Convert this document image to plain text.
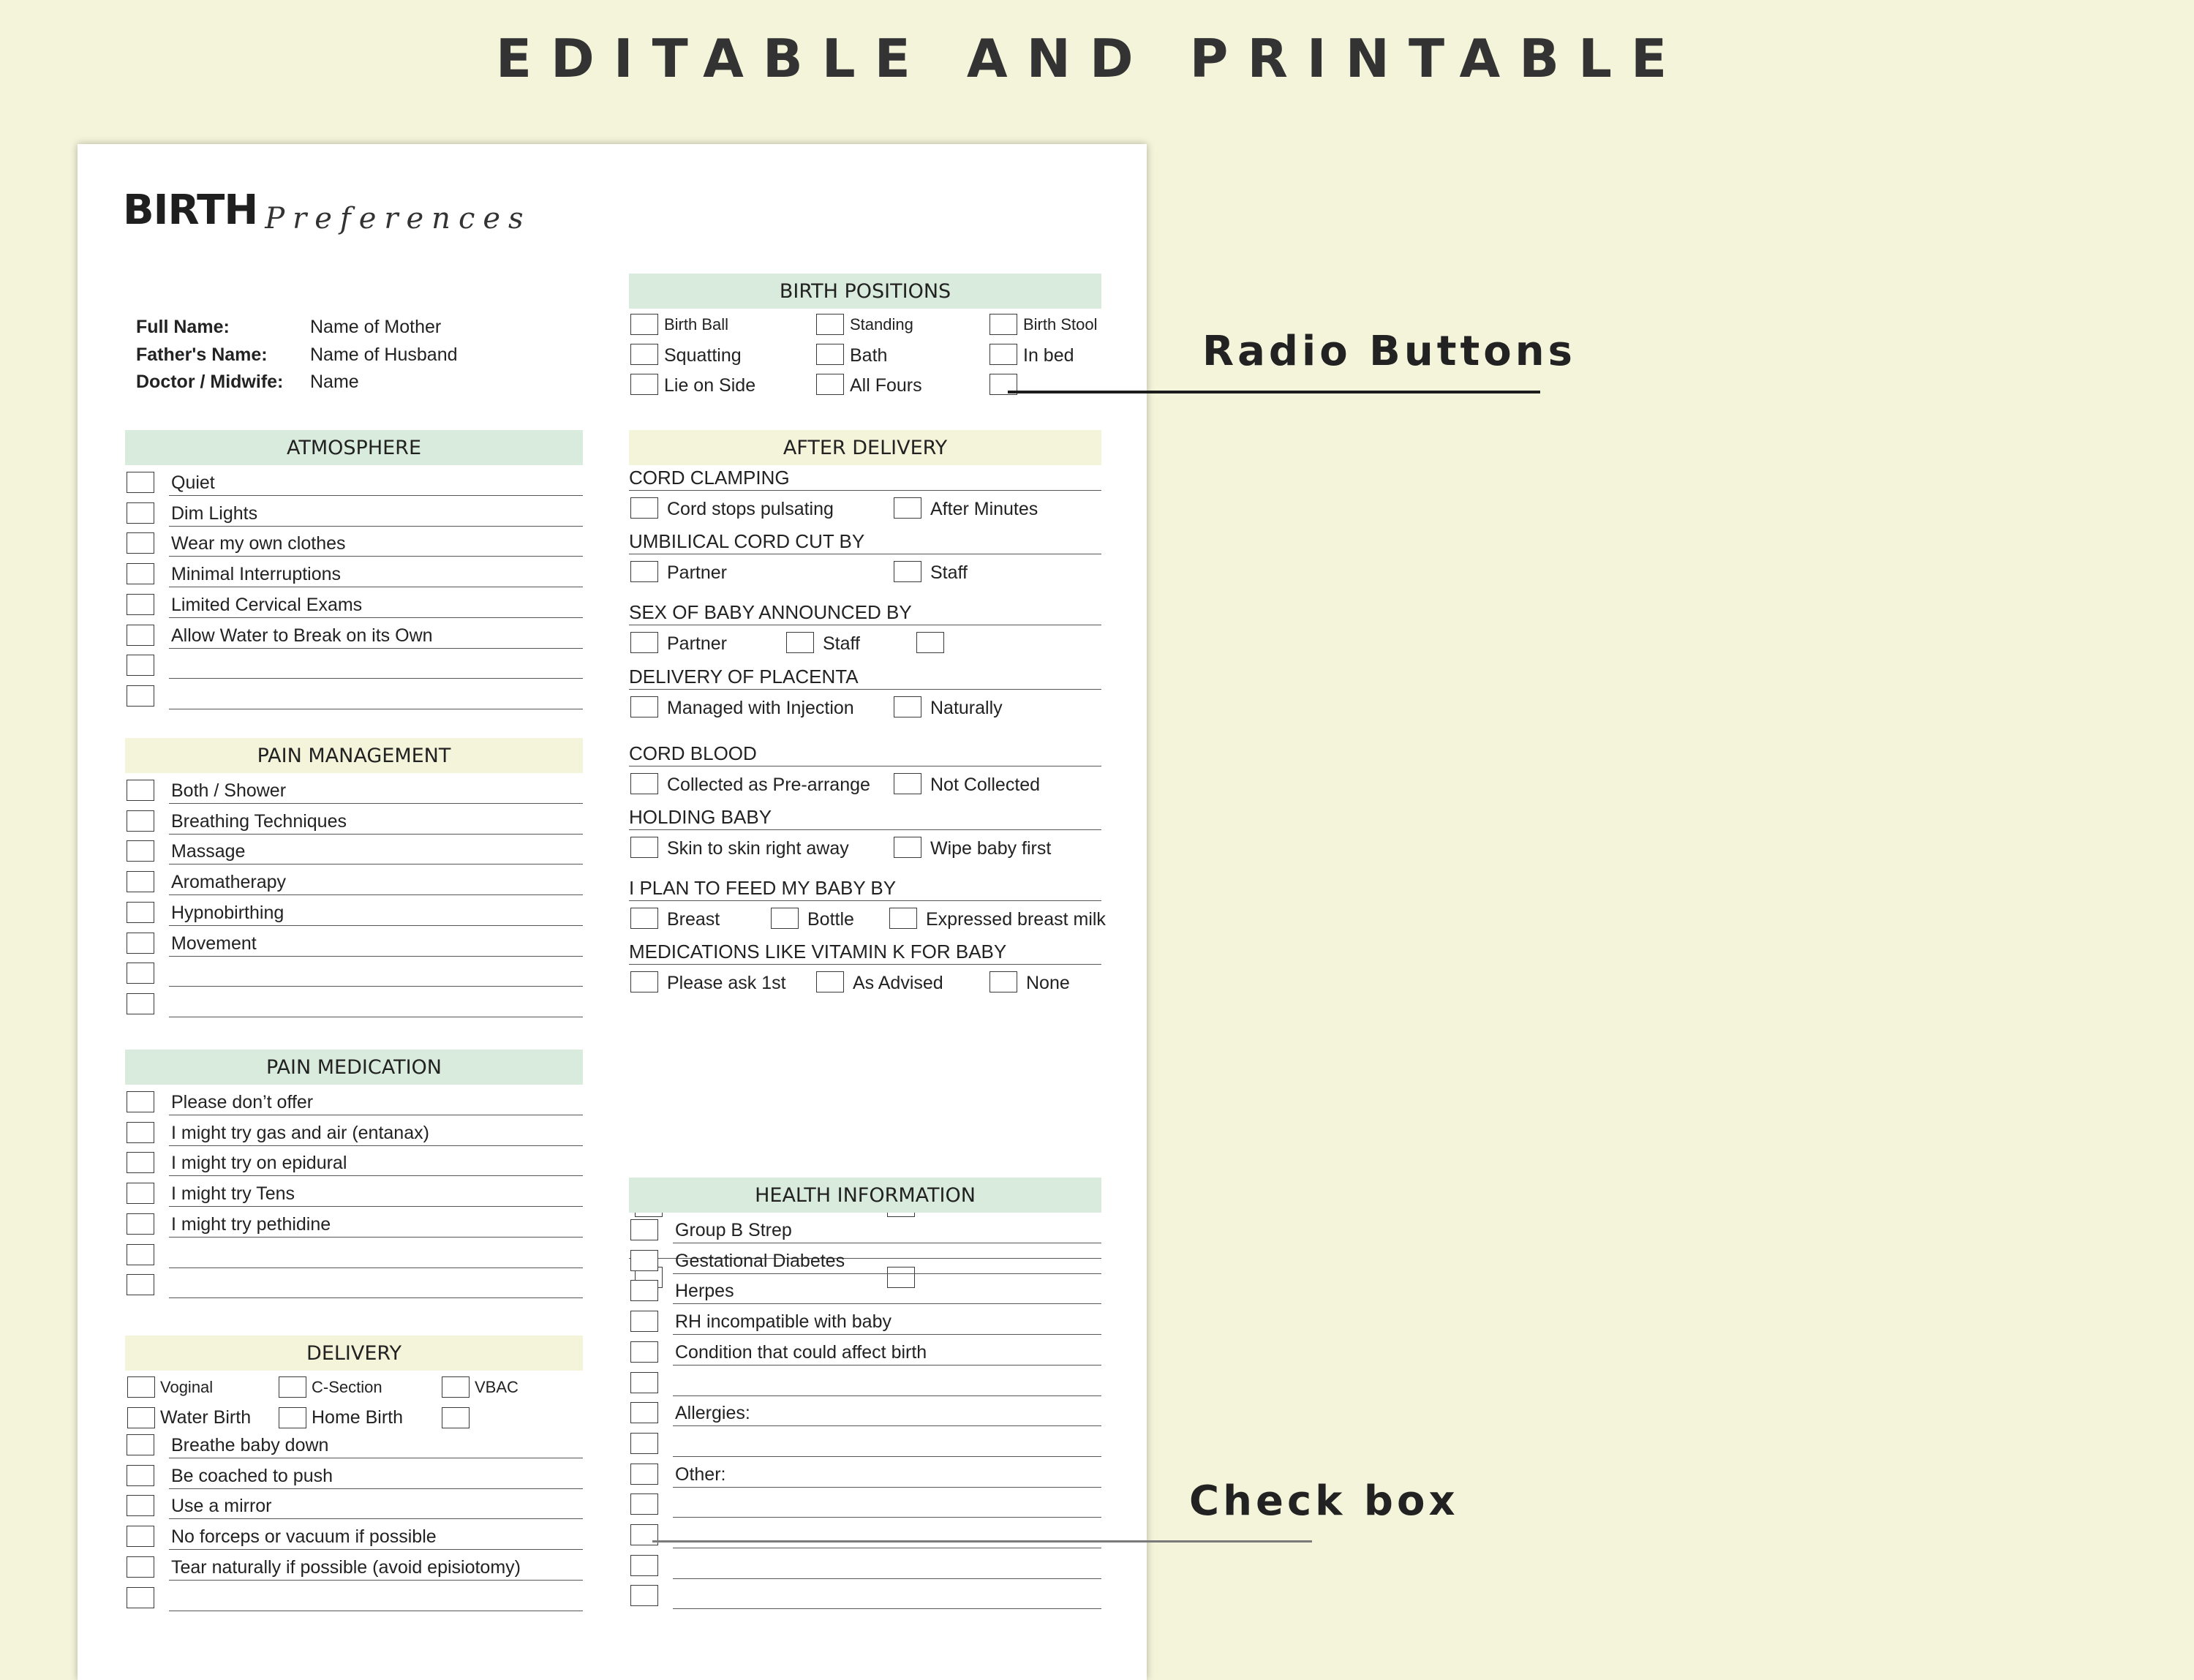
EDITABLE AND PRINTABLE
BIRTH Preferences
Full Name:	Name of Mother
Father's Name: Name of Husband
Doctor / Midwife: Name
ATMOSPHERE
Quiet
Dim Lights
Wear my own clothes
Minimal Interruptions
Limited Cervical Exams
Allow Water to Break on its Own
PAIN MANAGEMENT
Both / Shower
Breathing Techniques
Massage
Aromatherapy
Hypnobirthing
Movement
PAIN MEDICATION
Please don’t offer
I might try gas and air (entanax)
I might try on epidural
I might try Tens
I might try pethidine
DELIVERY
Voginal	C-Section	VBAC
Water Birth	Home Birth
Breathe baby down
Be coached to push
Use a mirror
No forceps or vacuum if possible
Tear naturally if possible (avoid episiotomy)
BIRTH POSITIONS
Birth Ball	Standing	Birth Stool
Squatting	Bath	In bed
Lie on Side	All Fours
AFTER DELIVERY
CORD CLAMPING
Cord stops pulsating	After Minutes
UMBILICAL CORD CUT BY
Partner	Staff
SEX OF BABY ANNOUNCED BY
Partner	Staff
DELIVERY OF PLACENTA
Managed with Injection	Naturally
CORD BLOOD
Collected as Pre-arrange	Not Collected
HOLDING BABY
Skin to skin right away	Wipe baby first
I PLAN TO FEED MY BABY BY
Breast	Bottle	Expressed breast milk
MEDICATIONS LIKE VITAMIN K FOR BABY
Please ask 1st	As Advised	None
HEALTH INFORMATION
Group B Strep
Gestational Diabetes
Herpes
RH incompatible with baby
Condition that could affect birth
Allergies:
Other:
Radio Buttons
Check box
